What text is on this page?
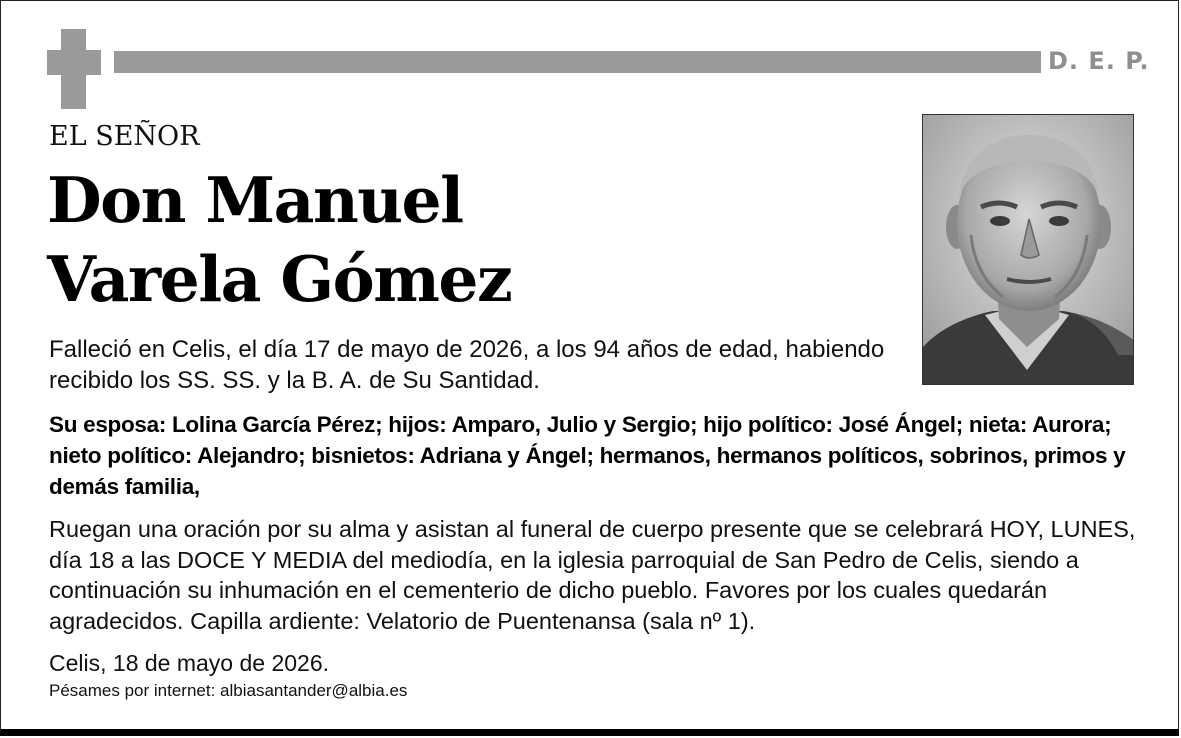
D. E. P.
EL SEÑOR
Don Manuel
Varela Gómez
Falleció en Celis, el día 17 de mayo de 2026, a los 94 años de edad, habiendo recibido los SS. SS. y la B. A. de Su Santidad.
Su esposa: Lolina García Pérez; hijos: Amparo, Julio y Sergio; hijo político: José Ángel; nieta: Aurora; nieto político: Alejandro; bisnietos: Adriana y Ángel; hermanos, hermanos políticos, sobrinos, primos y demás familia,
Ruegan una oración por su alma y asistan al funeral de cuerpo presente que se celebrará HOY, LUNES, día 18 a las DOCE Y MEDIA del mediodía, en la iglesia parroquial de San Pedro de Celis, siendo a continuación su inhumación en el cementerio de dicho pueblo. Favores por los cuales quedarán agradecidos. Capilla ardiente: Velatorio de Puentenansa (sala nº 1).
Celis, 18 de mayo de 2026.
Pésames por internet: albiasantander@albia.es
